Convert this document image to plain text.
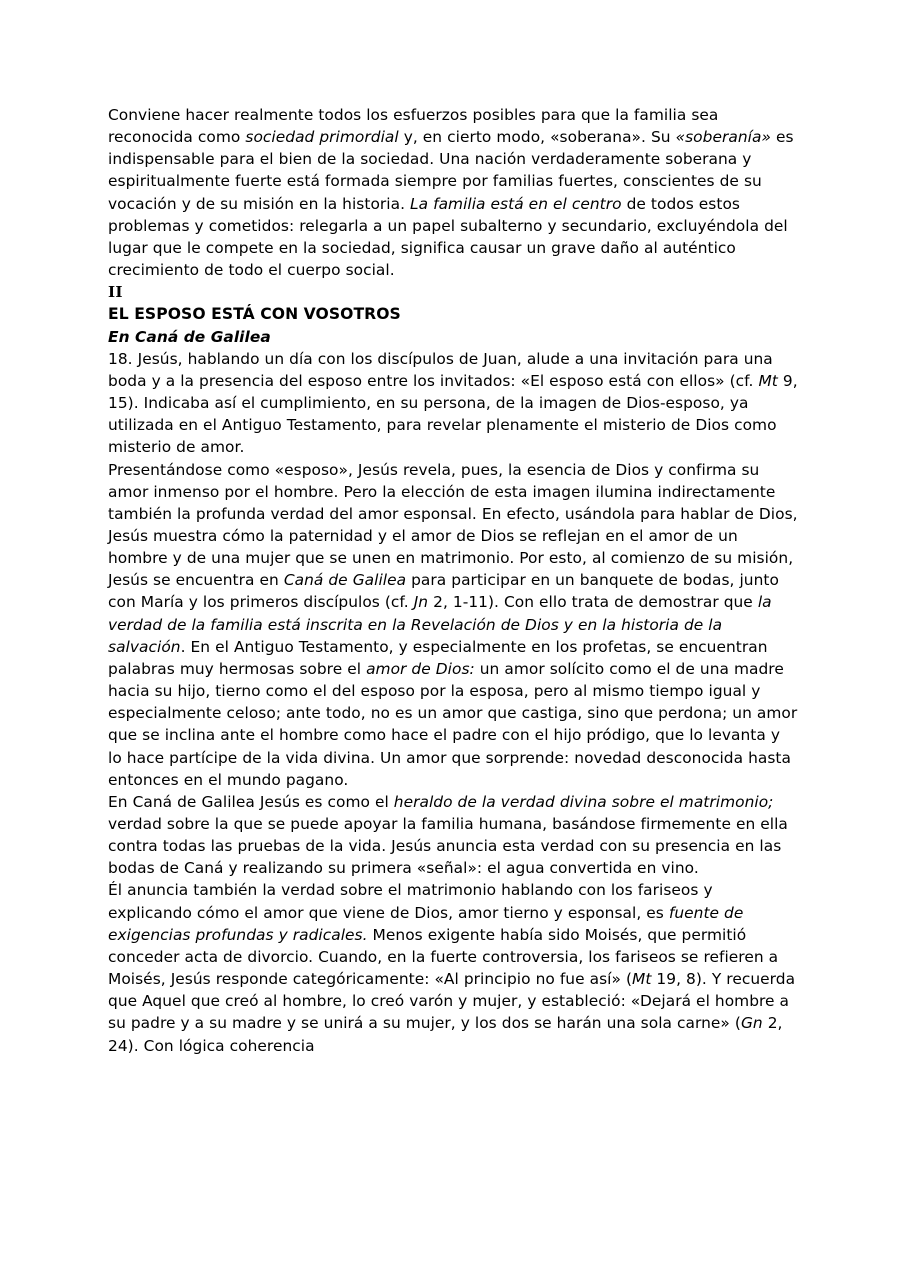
Conviene hacer realmente todos los esfuerzos posibles para que la familia sea reconocida como sociedad primordial y, en cierto modo, «soberana». Su «soberanía» es indispensable para el bien de la sociedad. Una nación verdaderamente soberana y espiritualmente fuerte está formada siempre por familias fuertes, conscientes de su vocación y de su misión en la historia. La familia está en el centro de todos estos problemas y cometidos: relegarla a un papel subalterno y secundario, excluyéndola del lugar que le compete en la sociedad, significa causar un grave daño al auténtico crecimiento de todo el cuerpo social.

II

EL ESPOSO ESTÁ CON VOSOTROS

En Caná de Galilea

18. Jesús, hablando un día con los discípulos de Juan, alude a una invitación para una boda y a la presencia del esposo entre los invitados: «El esposo está con ellos» (cf. Mt 9, 15). Indicaba así el cumplimiento, en su persona, de la imagen de Dios-esposo, ya utilizada en el Antiguo Testamento, para revelar plenamente el misterio de Dios como misterio de amor.

Presentándose como «esposo», Jesús revela, pues, la esencia de Dios y confirma su amor inmenso por el hombre. Pero la elección de esta imagen ilumina indirectamente también la profunda verdad del amor esponsal. En efecto, usándola para hablar de Dios, Jesús muestra cómo la paternidad y el amor de Dios se reflejan en el amor de un hombre y de una mujer que se unen en matrimonio. Por esto, al comienzo de su misión, Jesús se encuentra en Caná de Galilea para participar en un banquete de bodas, junto con María y los primeros discípulos (cf. Jn 2, 1-11). Con ello trata de demostrar que la verdad de la familia está inscrita en la Revelación de Dios y en la historia de la salvación. En el Antiguo Testamento, y especialmente en los profetas, se encuentran palabras muy hermosas sobre el amor de Dios: un amor solícito como el de una madre hacia su hijo, tierno como el del esposo por la esposa, pero al mismo tiempo igual y especialmente celoso; ante todo, no es un amor que castiga, sino que perdona; un amor que se inclina ante el hombre como hace el padre con el hijo pródigo, que lo levanta y lo hace partícipe de la vida divina. Un amor que sorprende: novedad desconocida hasta entonces en el mundo pagano.

En Caná de Galilea Jesús es como el heraldo de la verdad divina sobre el matrimonio; verdad sobre la que se puede apoyar la familia humana, basándose firmemente en ella contra todas las pruebas de la vida. Jesús anuncia esta verdad con su presencia en las bodas de Caná y realizando su primera «señal»: el agua convertida en vino.

Él anuncia también la verdad sobre el matrimonio hablando con los fariseos y explicando cómo el amor que viene de Dios, amor tierno y esponsal, es fuente de exigencias profundas y radicales. Menos exigente había sido Moisés, que permitió conceder acta de divorcio. Cuando, en la fuerte controversia, los fariseos se refieren a Moisés, Jesús responde categóricamente: «Al principio no fue así» (Mt 19, 8). Y recuerda que Aquel que creó al hombre, lo creó varón y mujer, y estableció: «Dejará el hombre a su padre y a su madre y se unirá a su mujer, y los dos se harán una sola carne» (Gn 2, 24). Con lógica coherencia
